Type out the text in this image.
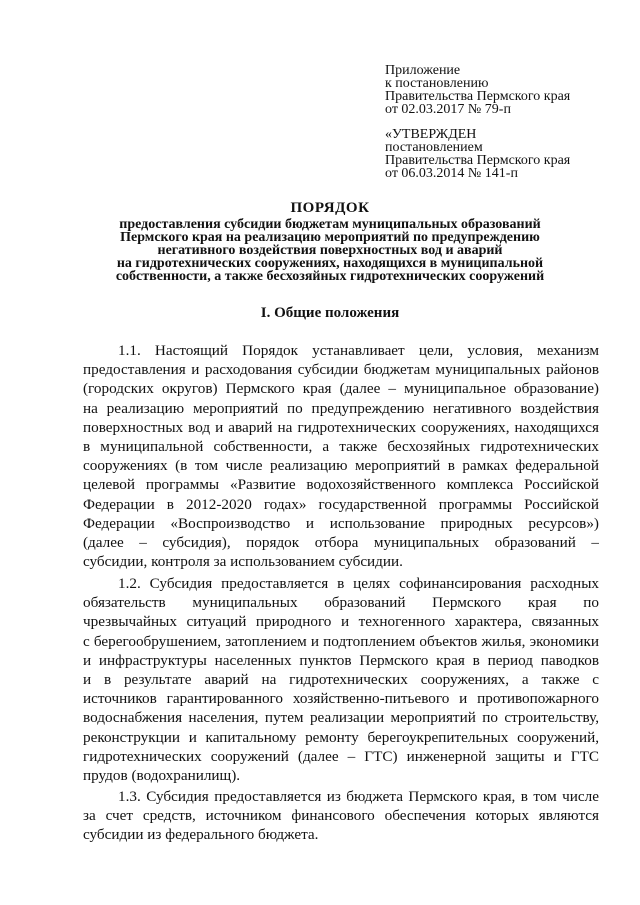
Приложение
к постановлению
Правительства Пермского края
от 02.03.2017 № 79-п
«УТВЕРЖДЕН
постановлением
Правительства Пермского края
от 06.03.2014 № 141-п
ПОРЯДОК
предоставления субсидии бюджетам муниципальных образований
Пермского края на реализацию мероприятий по предупреждению
негативного воздействия поверхностных вод и аварий
на гидротехнических сооружениях, находящихся в муниципальной
собственности, а также бесхозяйных гидротехнических сооружений
I. Общие положения
1.1. Настоящий Порядок устанавливает цели, условия, механизм
предоставления и расходования субсидии бюджетам муниципальных районов
(городских округов) Пермского края (далее – муниципальное образование)
на реализацию мероприятий по предупреждению негативного воздействия
поверхностных вод и аварий на гидротехнических сооружениях, находящихся
в муниципальной собственности, а также бесхозяйных гидротехнических
сооружениях (в том числе реализацию мероприятий в рамках федеральной
целевой программы «Развитие водохозяйственного комплекса Российской
Федерации в 2012-2020 годах» государственной программы Российской
Федерации «Воспроизводство и использование природных ресурсов»)
(далее – субсидия), порядок отбора муниципальных образований –
субсидии, контроля за использованием субсидии.
1.2. Субсидия предоставляется в целях софинансирования расходных
обязательств муниципальных образований Пермского края по
чрезвычайных ситуаций природного и техногенного характера, связанных
с берегообрушением, затоплением и подтоплением объектов жилья, экономики
и инфраструктуры населенных пунктов Пермского края в период паводков
и в результате аварий на гидротехнических сооружениях, а также с
источников гарантированного хозяйственно-питьевого и противопожарного
водоснабжения населения, путем реализации мероприятий по строительству,
реконструкции и капитальному ремонту берегоукрепительных сооружений,
гидротехнических сооружений (далее – ГТС) инженерной защиты и ГТС
прудов (водохранилищ).
1.3. Субсидия предоставляется из бюджета Пермского края, в том числе
за счет средств, источником финансового обеспечения которых являются
субсидии из федерального бюджета.
